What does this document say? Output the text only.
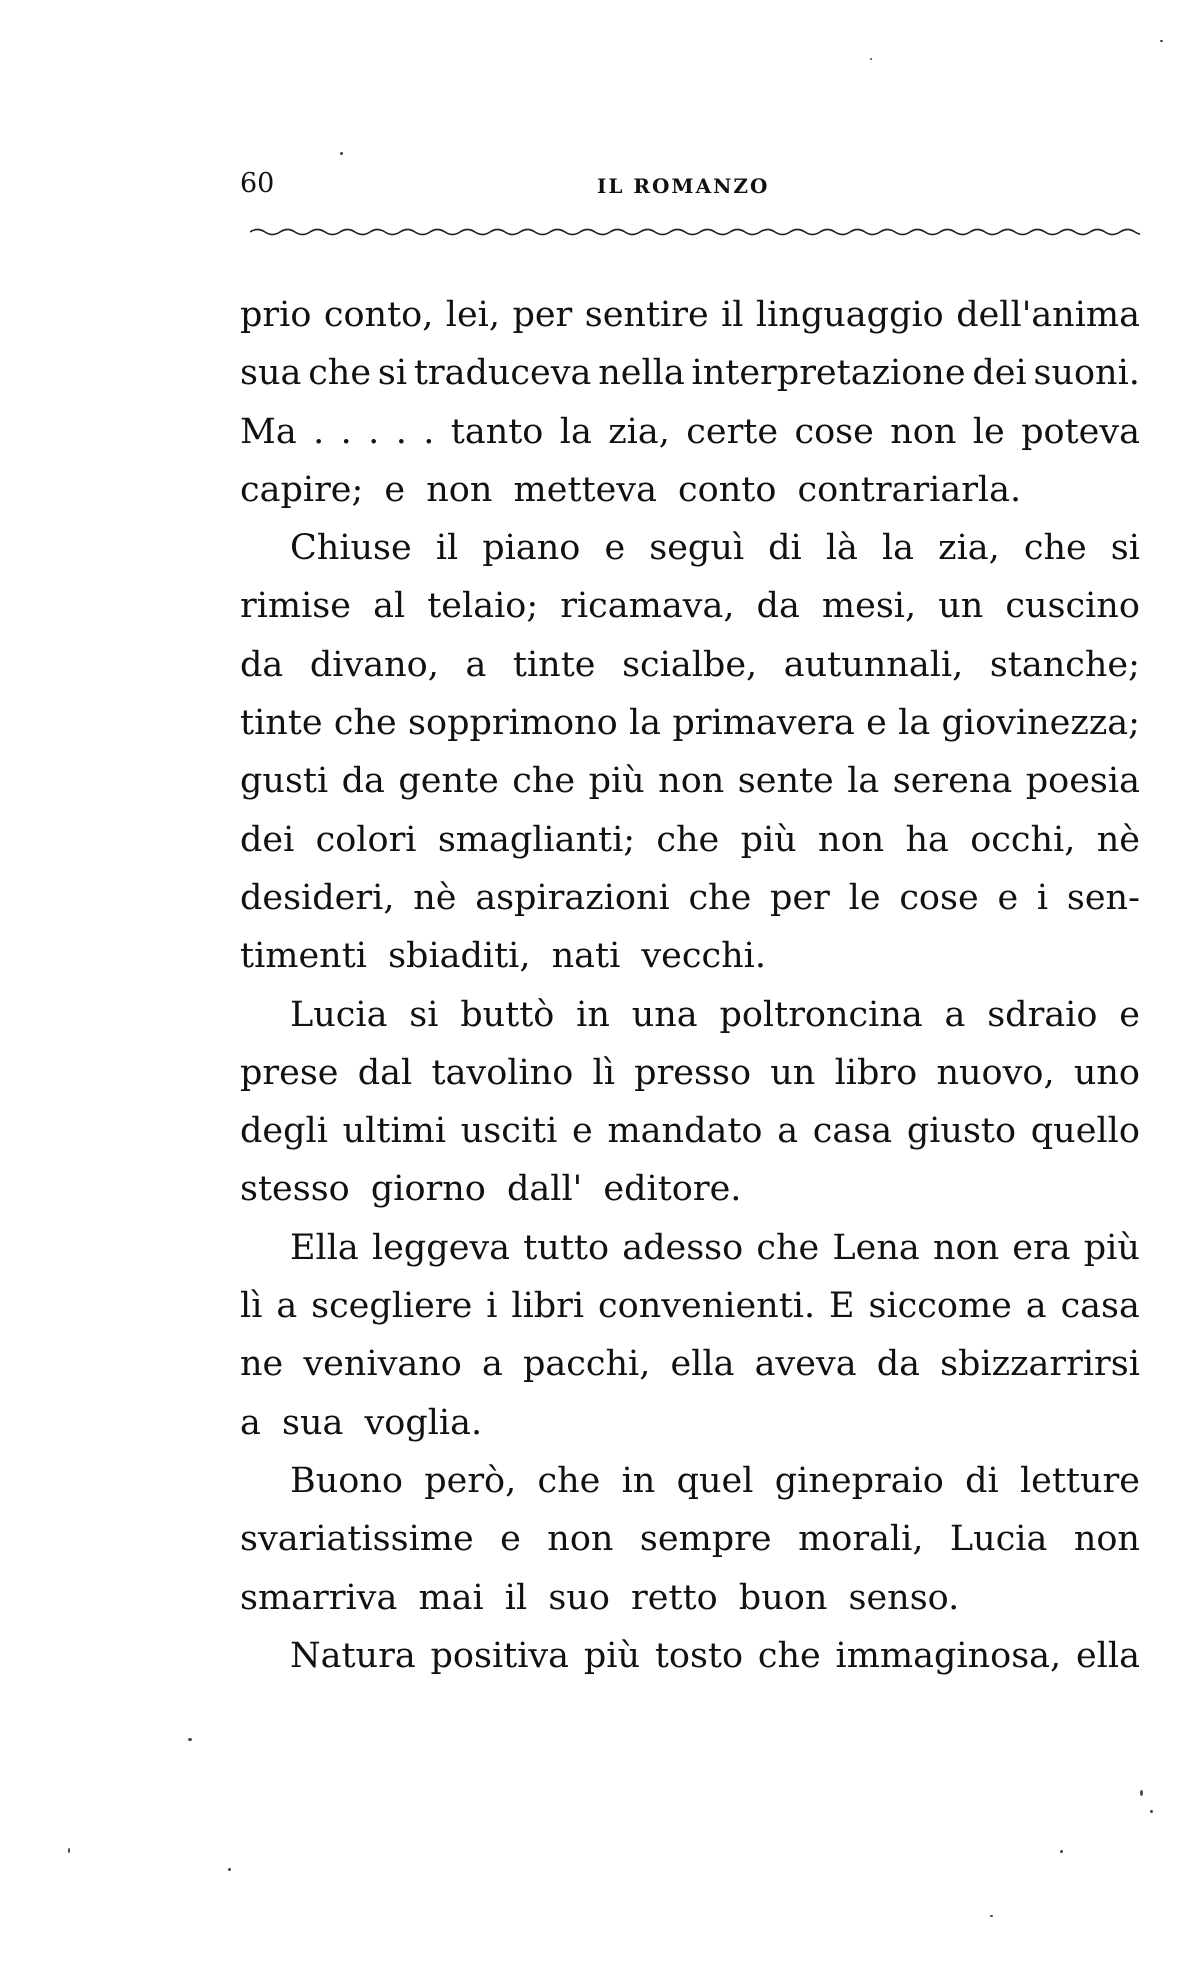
60	IL ROMANZO
prio conto, lei, per sentire il linguaggio dell'anima
sua che si traduceva nella interpretazione dei suoni.
Ma . . . . . tanto la zia, certe cose non le poteva
capire; e non metteva conto contrariarla.
Chiuse il piano e seguì di là la zia, che si
rimise al telaio; ricamava, da mesi, un cuscino
da divano, a tinte scialbe, autunnali, stanche;
tinte che sopprimono la primavera e la giovinezza;
gusti da gente che più non sente la serena poesia
dei colori smaglianti; che più non ha occhi, nè
desideri, nè aspirazioni che per le cose e i sen-
timenti sbiaditi, nati vecchi.
Lucia si buttò in una poltroncina a sdraio e
prese dal tavolino lì presso un libro nuovo, uno
degli ultimi usciti e mandato a casa giusto quello
stesso giorno dall' editore.
Ella leggeva tutto adesso che Lena non era più
lì a scegliere i libri convenienti. E siccome a casa
ne venivano a pacchi, ella aveva da sbizzarrirsi
a sua voglia.
Buono però, che in quel ginepraio di letture
svariatissime e non sempre morali, Lucia non
smarriva mai il suo retto buon senso.
Natura positiva più tosto che immaginosa, ella
